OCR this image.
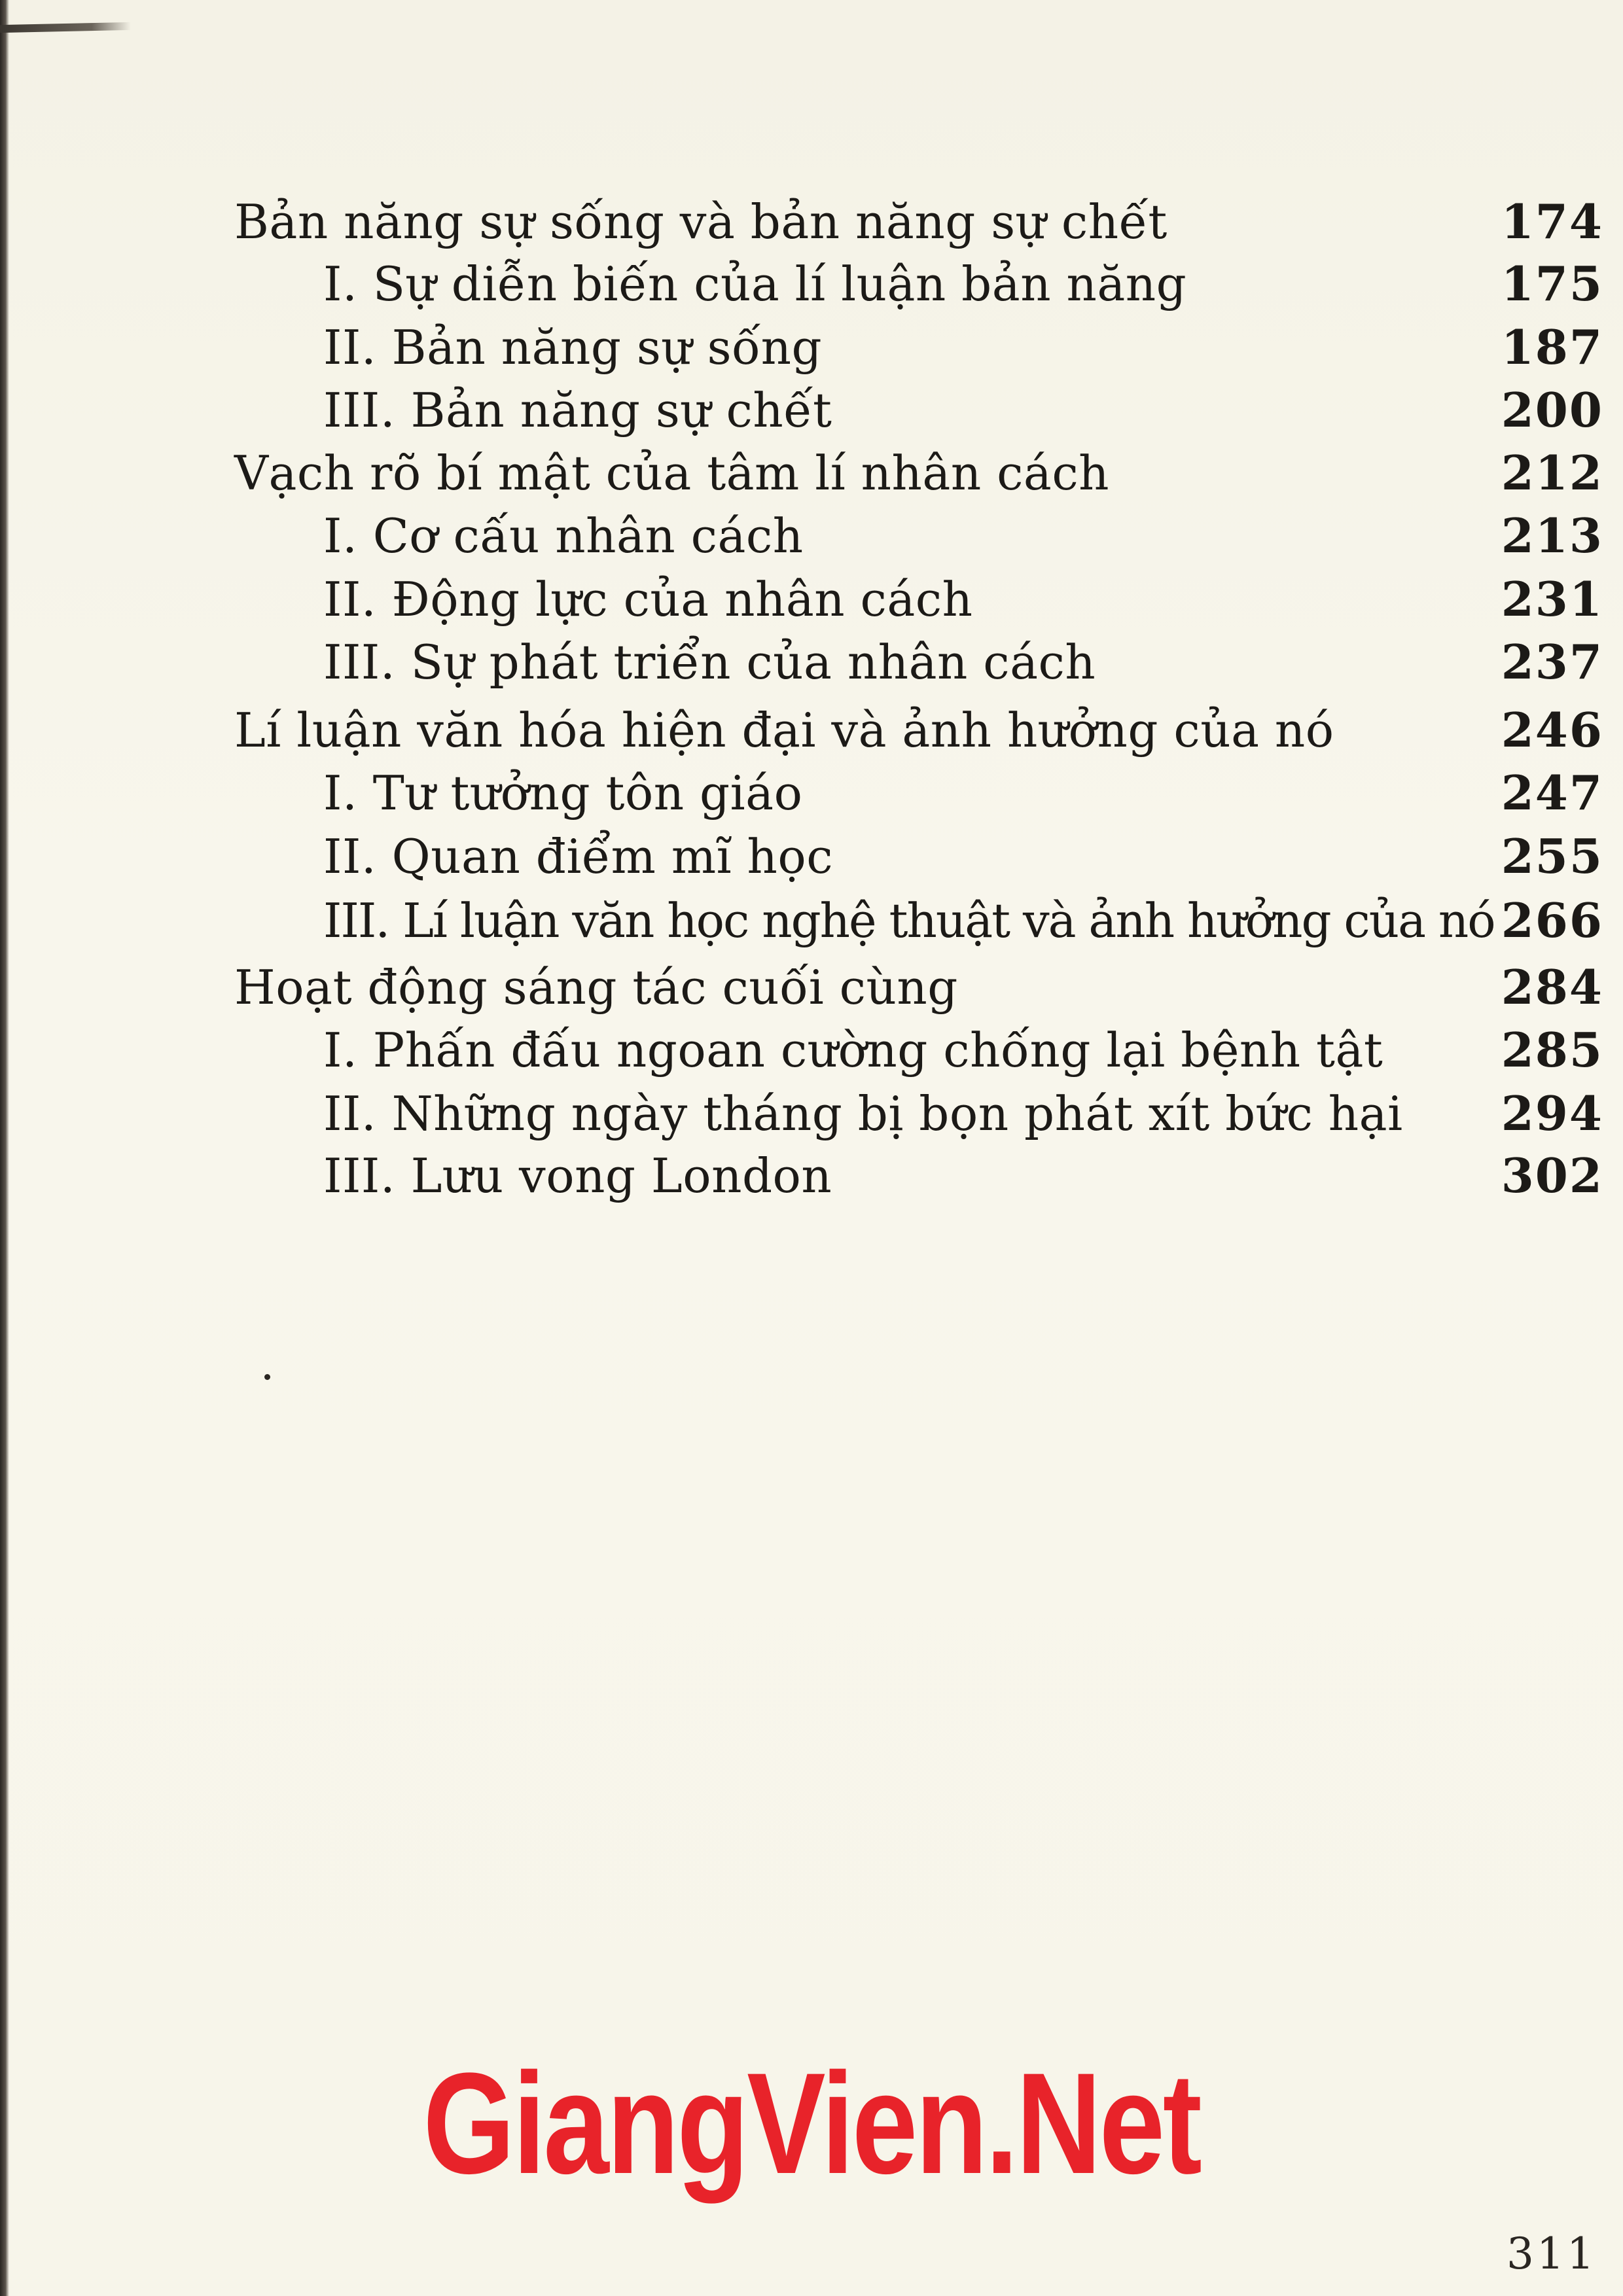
Bản năng sự sống và bản năng sự chết	174
I. Sự diễn biến của lí luận bản năng	175
II. Bản năng sự sống	187
III. Bản năng sự chết	200
Vạch rõ bí mật của tâm lí nhân cách	212
I. Cơ cấu nhân cách	213
II. Động lực của nhân cách	231
III. Sự phát triển của nhân cách	237
Lí luận văn hóa hiện đại và ảnh hưởng của nó	246
I. Tư tưởng tôn giáo	247
II. Quan điểm mĩ học	255
III. Lí luận văn học nghệ thuật và ảnh hưởng của nó 266
Hoạt động sáng tác cuối cùng	284
I. Phấn đấu ngoan cường chống lại bệnh tật	285
II. Những ngày tháng bị bọn phát xít bức hại 294
III. Lưu vong London	302
GiangVien.Net
311
